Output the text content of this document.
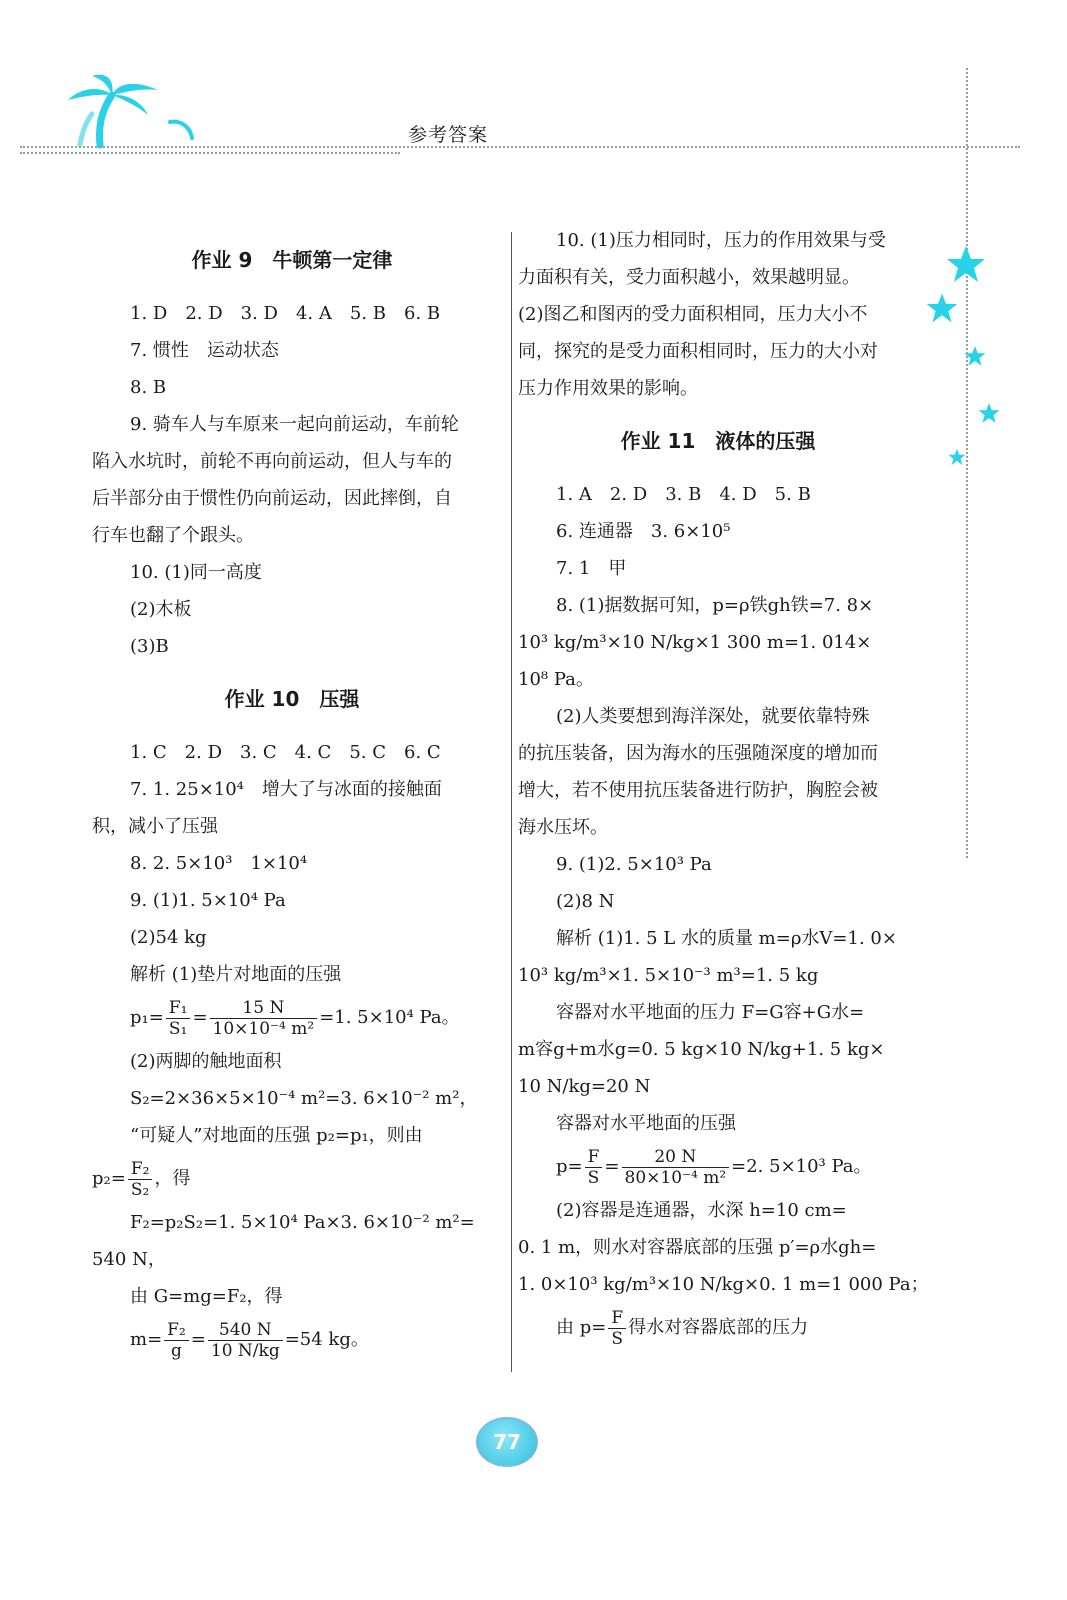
参考答案
作业 9　牛顿第一定律
1. D　2. D　3. D　4. A　5. B　6. B
7. 惯性　运动状态
8. B
9. 骑车人与车原来一起向前运动，车前轮
陷入水坑时，前轮不再向前运动，但人与车的
后半部分由于惯性仍向前运动，因此摔倒，自
行车也翻了个跟头。
10. (1)同一高度
(2)木板
(3)B
作业 10　压强
1. C　2. D　3. C　4. C　5. C　6. C
7. 1. 25×10⁴　增大了与冰面的接触面
积，减小了压强
8. 2. 5×10³　1×10⁴
9. (1)1. 5×10⁴ Pa
(2)54 kg
解析 (1)垫片对地面的压强
$p_1= \frac{\text{F₁}}{\text{S₁}} = \frac{15 N}{\text{10×10⁻⁴ m²}} =1$. 5×10⁴ Pa。
(2)两脚的触地面积
S₂=2×36×5×10⁻⁴ m²=3. 6×10⁻² m²，
“可疑人”对地面的压强 p₂=p₁，则由
$p_2= \frac{\text{F₂}}{\text{S₂}}$ ，得
F₂=p₂S₂=1. 5×10⁴ Pa×3. 6×10⁻² m²=
540 N，
由 G=mg=F₂，得
$m= \frac{\text{F₂}}{g} = \frac{540 N}{10 N/kg} =54$ kg。
10. (1)压力相同时，压力的作用效果与受
力面积有关，受力面积越小，效果越明显。
(2)图乙和图丙的受力面积相同，压力大小不
同，探究的是受力面积相同时，压力的大小对
压力作用效果的影响。
作业 11　液体的压强
1. A　2. D　3. B　4. D　5. B
6. 连通器　3. 6×10⁵
7. 1　甲
8. (1)据数据可知，p=ρ铁gh铁=7. 8×
10³ kg/m³×10 N/kg×1 300 m=1. 014×
10⁸ Pa。
(2)人类要想到海洋深处，就要依靠特殊
的抗压装备，因为海水的压强随深度的增加而
增大，若不使用抗压装备进行防护，胸腔会被
海水压坏。
9. (1)2. 5×10³ Pa
(2)8 N
解析 (1)1. 5 L 水的质量 m=ρ水V=1. 0×
10³ kg/m³×1. 5×10⁻³ m³=1. 5 kg
容器对水平地面的压力 F=G容+G水=
m容g+m水g=0. 5 kg×10 N/kg+1. 5 kg×
10 N/kg=20 N
容器对水平地面的压强
$p= \frac{F}{S} = \frac{20 N}{\text{80×10⁻⁴ m²}} =2$. 5×10³ Pa。
(2)容器是连通器，水深 h=10 cm=
0. 1 m，则水对容器底部的压强 p′=ρ水gh=
1. 0×10³ kg/m³×10 N/kg×0. 1 m=1 000 Pa；
由 $p= \frac{F}{S}$ 得水对容器底部的压力
77
